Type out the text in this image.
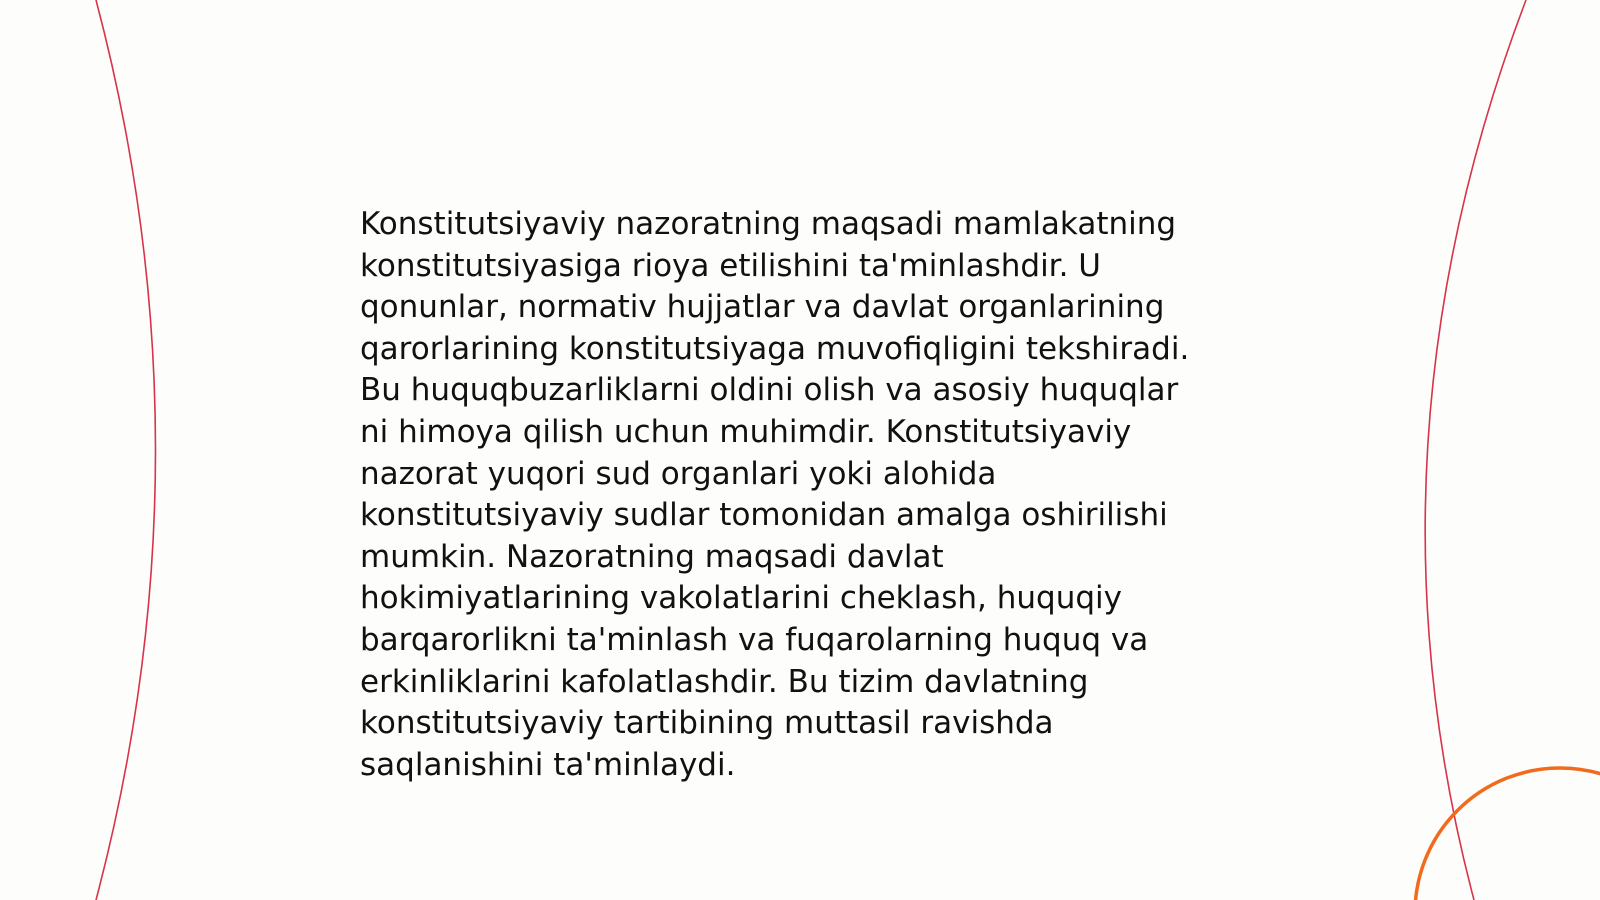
Konstitutsiyaviy nazoratning maqsadi mamlakatning
konstitutsiyasiga rioya etilishini ta'minlashdir. U
qonunlar, normativ hujjatlar va davlat organlarining
qarorlarining konstitutsiyaga muvofiqligini tekshiradi.
Bu huquqbuzarliklarni oldini olish va asosiy huquqlar
ni himoya qilish uchun muhimdir. Konstitutsiyaviy
nazorat yuqori sud organlari yoki alohida
konstitutsiyaviy sudlar tomonidan amalga oshirilishi
mumkin. Nazoratning maqsadi davlat
hokimiyatlarining vakolatlarini cheklash, huquqiy
barqarorlikni ta'minlash va fuqarolarning huquq va
erkinliklarini kafolatlashdir. Bu tizim davlatning
konstitutsiyaviy tartibining muttasil ravishda
saqlanishini ta'minlaydi.
